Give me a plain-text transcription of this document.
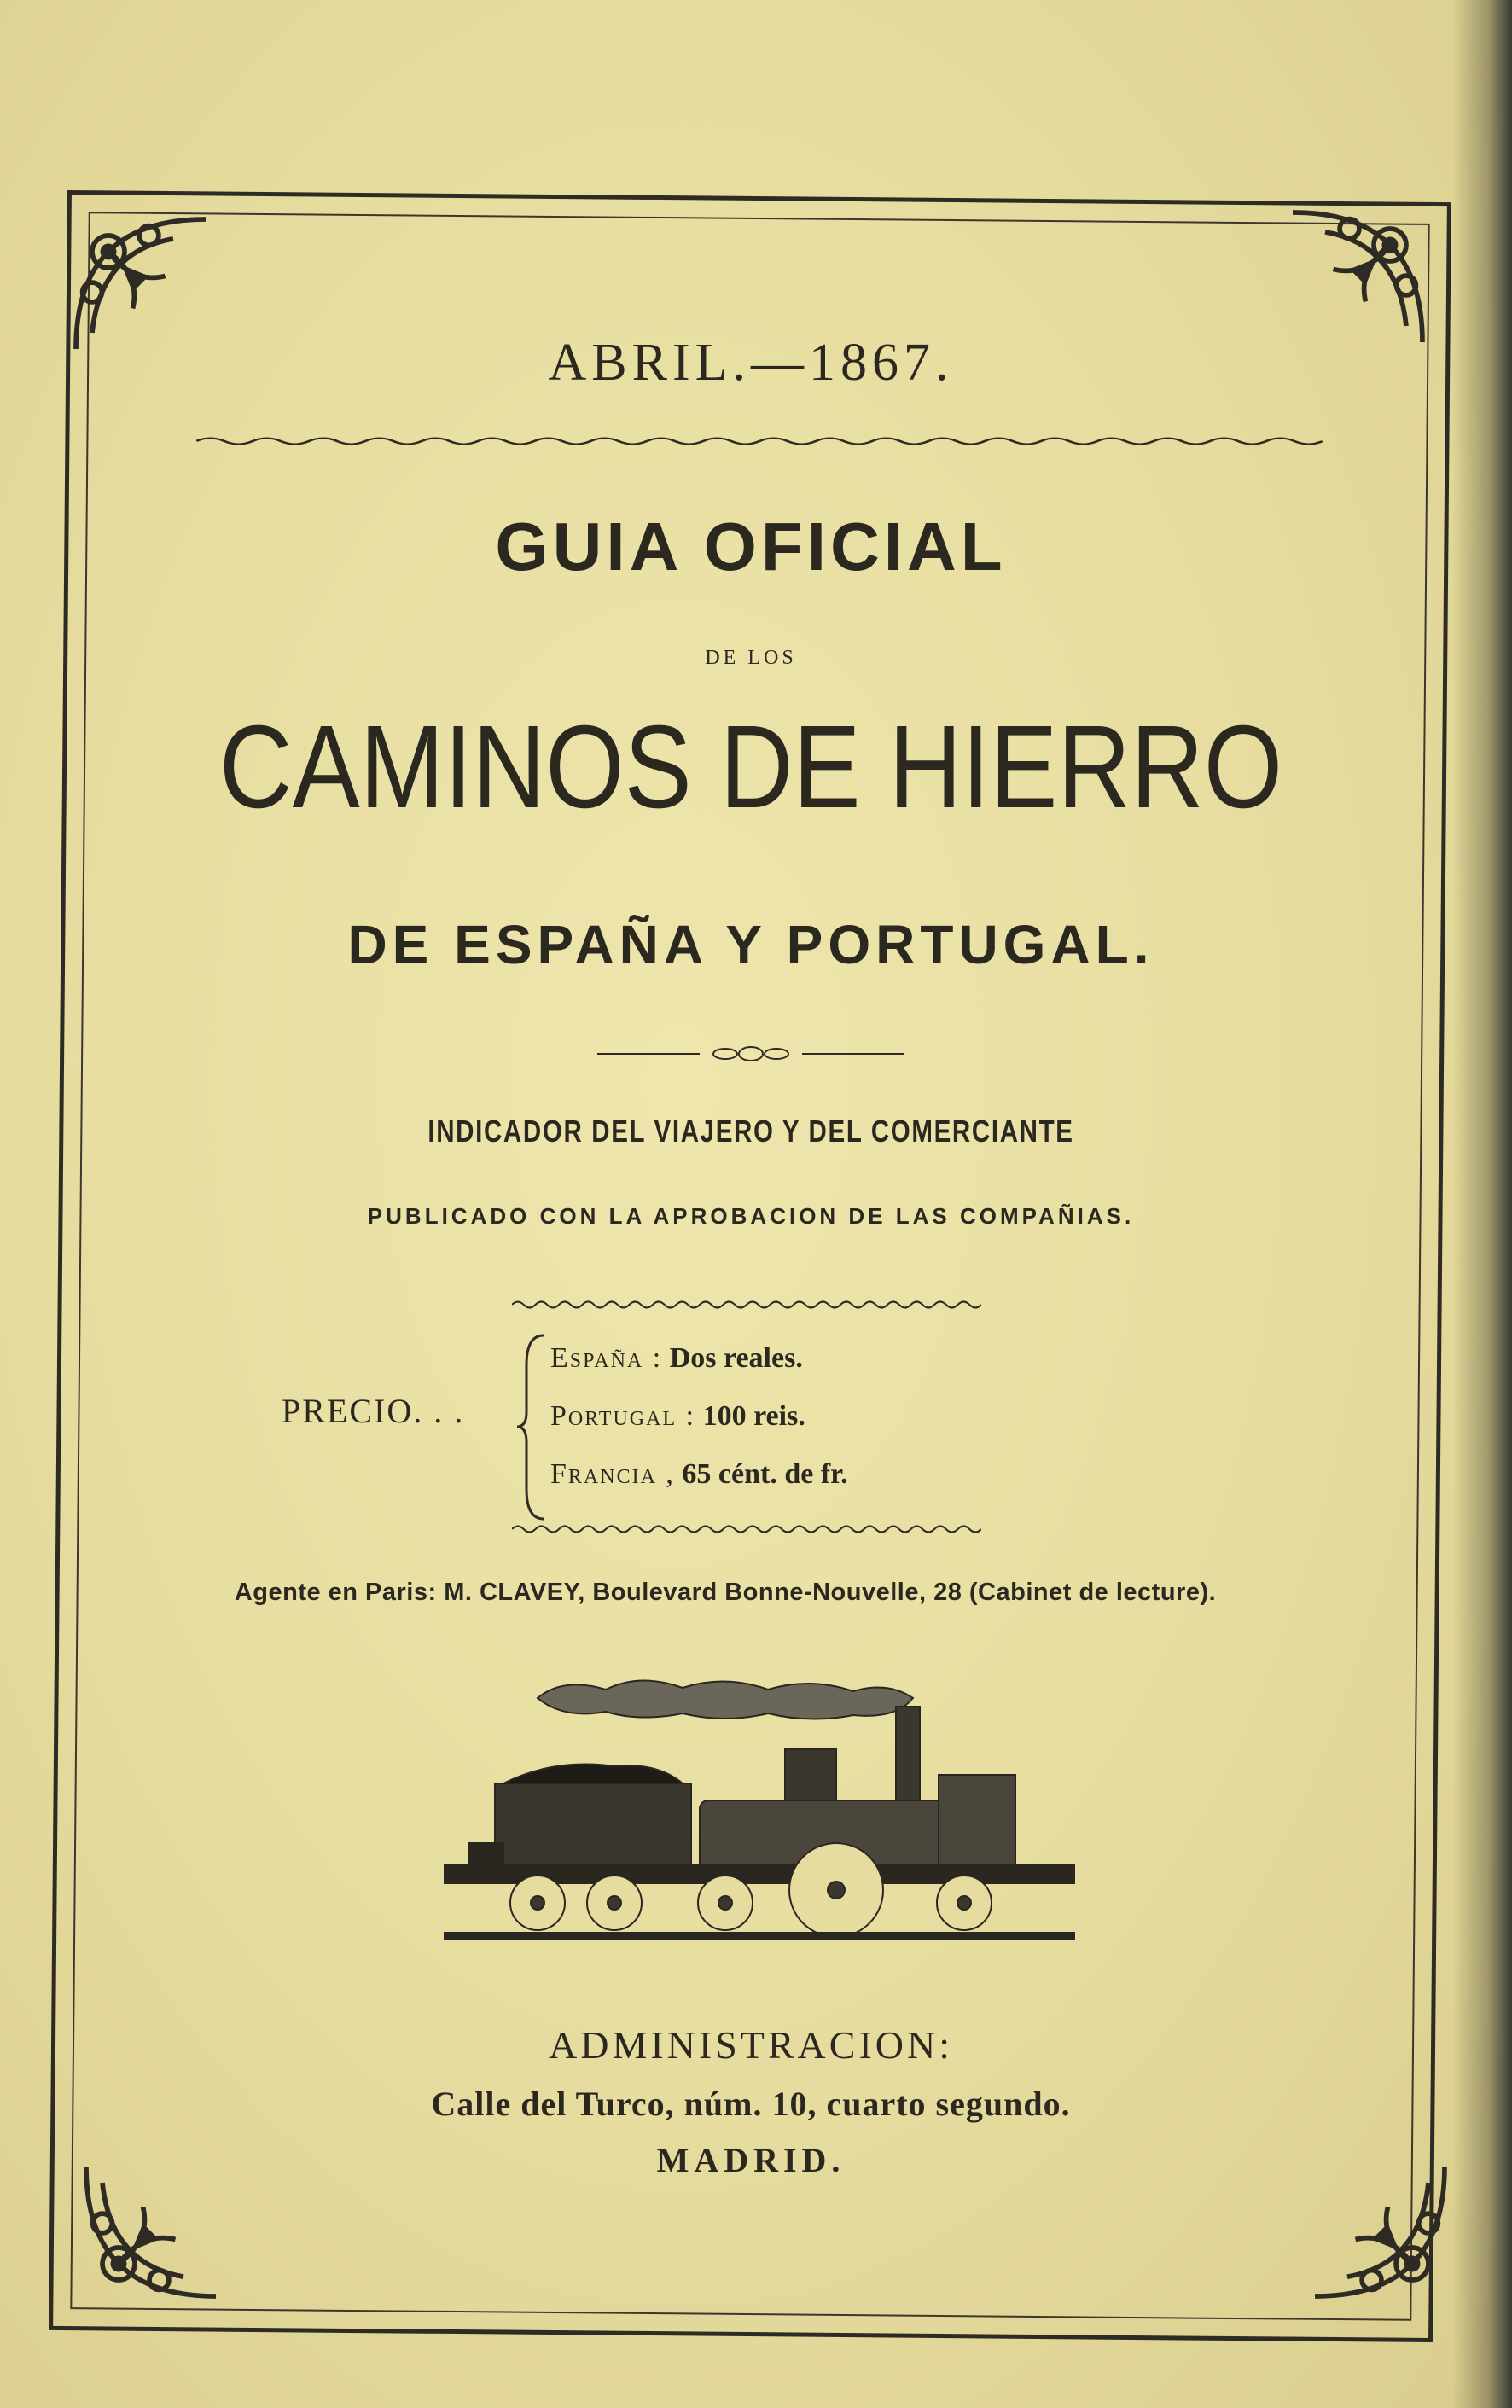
ABRIL.—1867.
GUIA OFICIAL
DE LOS
CAMINOS DE HIERRO
DE ESPAÑA Y PORTUGAL.
INDICADOR DEL VIAJERO Y DEL COMERCIANTE
PUBLICADO CON LA APROBACION DE LAS COMPAÑIAS.
PRECIO. . .
España : Dos reales.
Portugal : 100 reis.
Francia , 65 cént. de fr.
Agente en Paris: M. CLAVEY, Boulevard Bonne-Nouvelle, 28 (Cabinet de lecture).
ADMINISTRACION:
Calle del Turco, núm. 10, cuarto segundo.
MADRID.
